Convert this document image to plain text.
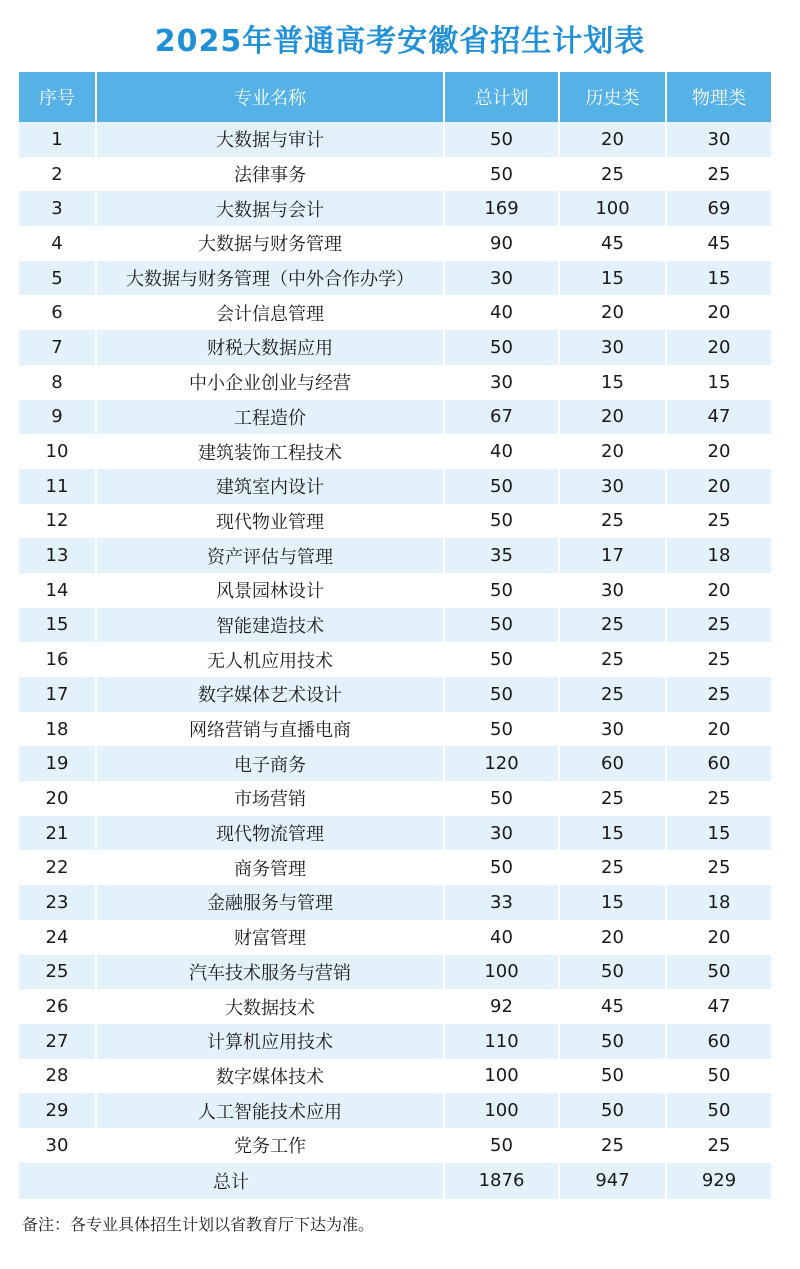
2025年普通高考安徽省招生计划表
序号	专业名称	总计划	历史类	物理类
1	大数据与审计	50	20	30
2	法律事务	50	25	25
3	大数据与会计	169	100	69
4	大数据与财务管理	90	45	45
5	大数据与财务管理（中外合作办学）	30	15	15
6	会计信息管理	40	20	20
7	财税大数据应用	50	30	20
8	中小企业创业与经营	30	15	15
9	工程造价	67	20	47
10	建筑装饰工程技术	40	20	20
11	建筑室内设计	50	30	20
12	现代物业管理	50	25	25
13	资产评估与管理	35	17	18
14	风景园林设计	50	30	20
15	智能建造技术	50	25	25
16	无人机应用技术	50	25	25
17	数字媒体艺术设计	50	25	25
18	网络营销与直播电商	50	30	20
19	电子商务	120	60	60
20	市场营销	50	25	25
21	现代物流管理	30	15	15
22	商务管理	50	25	25
23	金融服务与管理	33	15	18
24	财富管理	40	20	20
25	汽车技术服务与营销	100	50	50
26	大数据技术	92	45	47
27	计算机应用技术	110	50	60
28	数字媒体技术	100	50	50
29	人工智能技术应用	100	50	50
30	党务工作	50	25	25
总计		1876	947	929
备注：各专业具体招生计划以省教育厅下达为准。
